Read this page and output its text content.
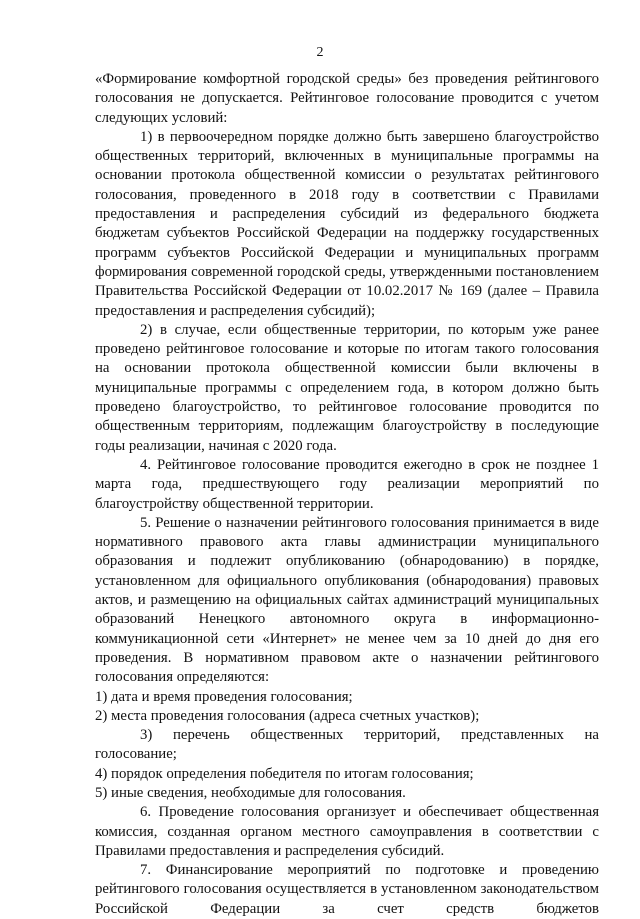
2

«Формирование комфортной городской среды» без проведения рейтингового голосования не допускается. Рейтинговое голосование проводится с учетом следующих условий:

1) в первоочередном порядке должно быть завершено благоустройство общественных территорий, включенных в муниципальные программы на основании протокола общественной комиссии о результатах рейтингового голосования, проведенного в 2018 году в соответствии с Правилами предоставления и распределения субсидий из федерального бюджета бюджетам субъектов Российской Федерации на поддержку государственных программ субъектов Российской Федерации и муниципальных программ формирования современной городской среды, утвержденными постановлением Правительства Российской Федерации от 10.02.2017 № 169 (далее – Правила предоставления и распределения субсидий);

2) в случае, если общественные территории, по которым уже ранее проведено рейтинговое голосование и которые по итогам такого голосования на основании протокола общественной комиссии были включены в муниципальные программы с определением года, в котором должно быть проведено благоустройство, то рейтинговое голосование проводится по общественным территориям, подлежащим благоустройству в последующие годы реализации, начиная с 2020 года.

4. Рейтинговое голосование проводится ежегодно в срок не позднее 1 марта года, предшествующего году реализации мероприятий по благоустройству общественной территории.

5. Решение о назначении рейтингового голосования принимается в виде нормативного правового акта главы администрации муниципального образования и подлежит опубликованию (обнародованию) в порядке, установленном для официального опубликования (обнародования) правовых актов, и размещению на официальных сайтах администраций муниципальных образований Ненецкого автономного округа в информационно-коммуникационной сети «Интернет» не менее чем за 10 дней до дня его проведения. В нормативном правовом акте о назначении рейтингового голосования определяются:

1) дата и время проведения голосования;

2) места проведения голосования (адреса счетных участков);

3) перечень общественных территорий, представленных на голосование;

4) порядок определения победителя по итогам голосования;

5) иные сведения, необходимые для голосования.

6. Проведение голосования организует и обеспечивает общественная комиссия, созданная органом местного самоуправления в соответствии с Правилами предоставления и распределения субсидий.

7. Финансирование мероприятий по подготовке и проведению рейтингового голосования осуществляется в установленном законодательством Российской Федерации за счет средств бюджетов
